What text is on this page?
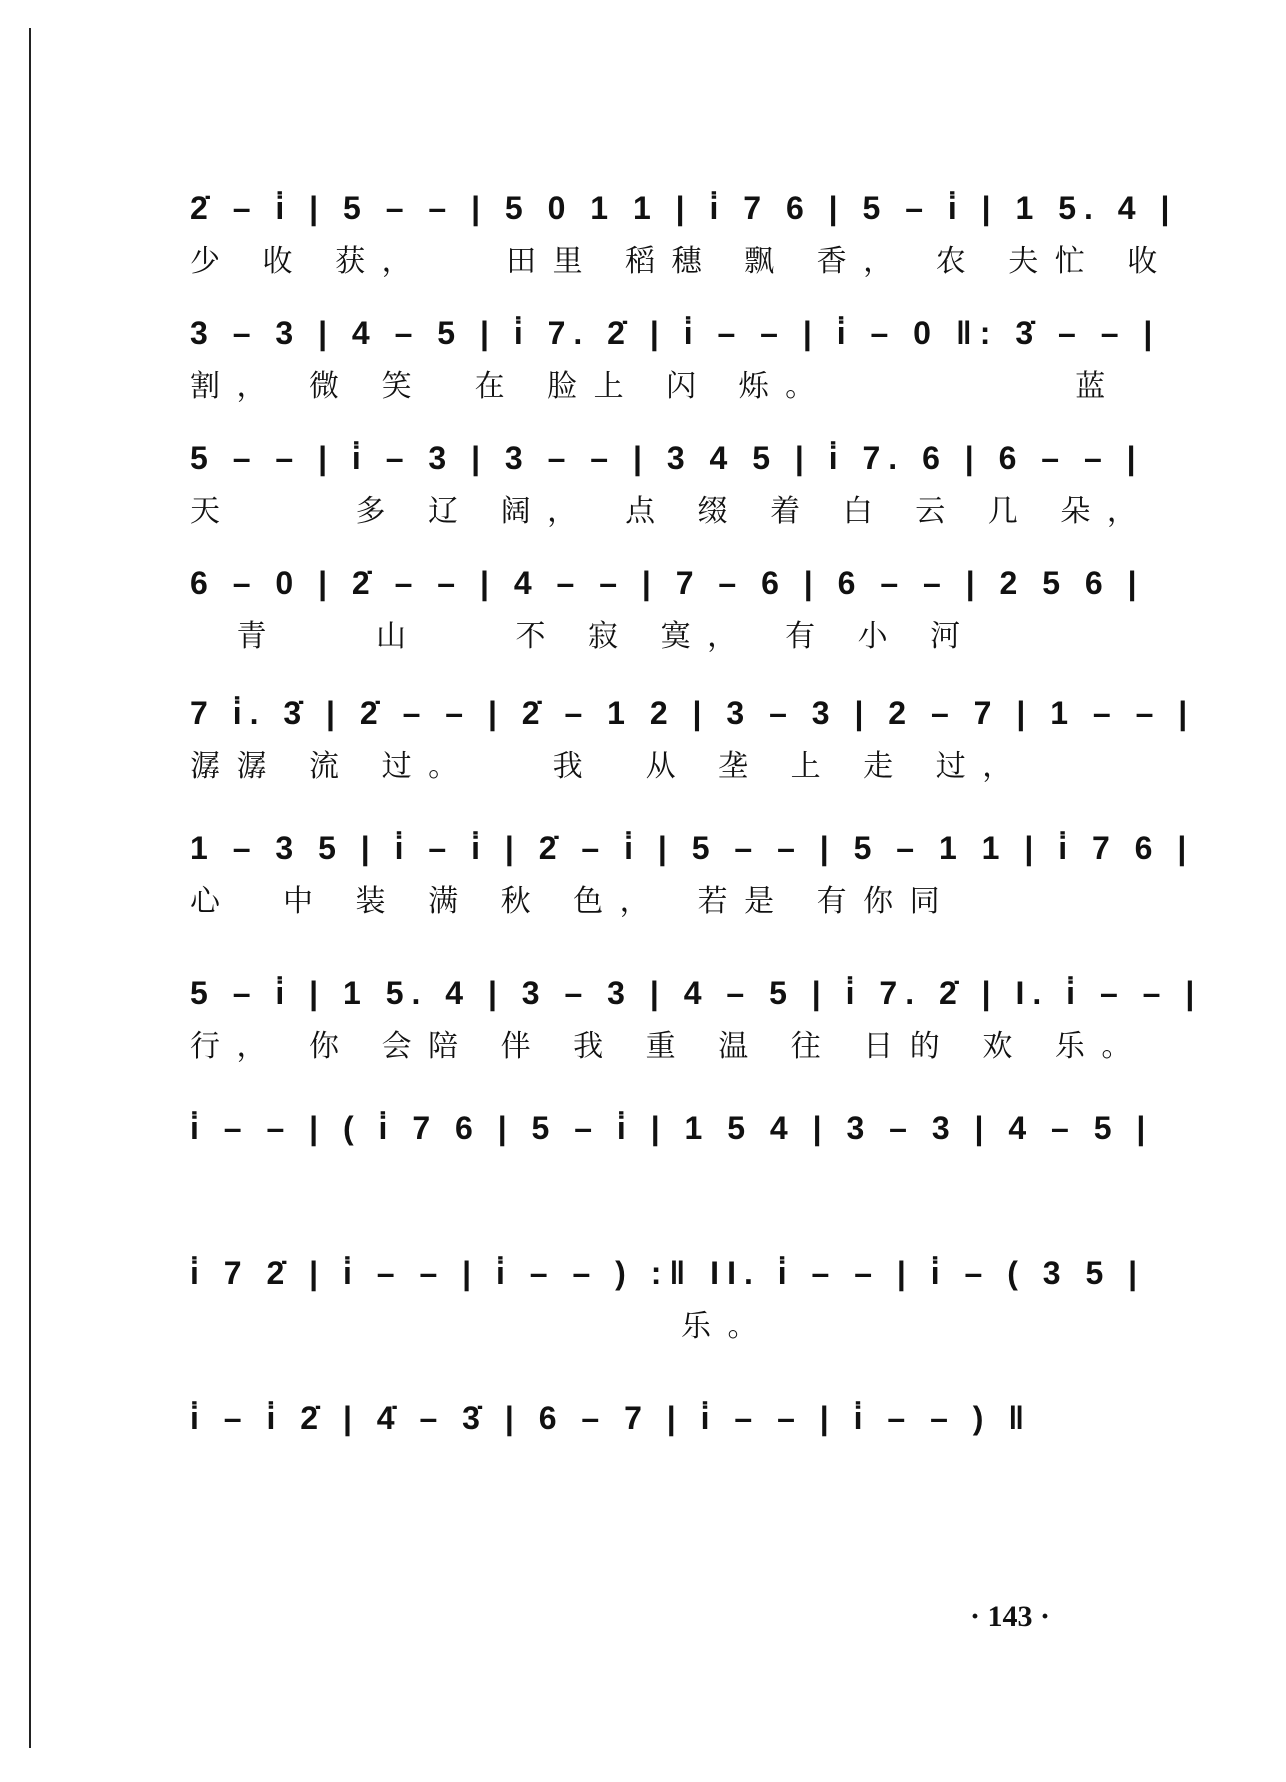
2̇ – i̇ | 5 – – | 5 0 1 1 | i̇ 7 6 | 5 – i̇ | 1 5. 4 |
少 收 获，　　田里 稻穗 飘 香， 农 夫忙 收
3 – 3 | 4 – 5 | i̇ 7. 2̇ | i̇ – – | i̇ – 0 ‖: 3̇ – – |
割， 微 笑　在 脸上 闪 烁。　　　　　 蓝
5 – – | i̇ – 3 | 3 – – | 3 4 5 | i̇ 7. 6 | 6 – – |
天　　 多 辽 阔，　点 缀 着 白 云 几 朵，
6 – 0 | 2̇ – – | 4 – – | 7 – 6 | 6 – – | 2 5 6 |
　青　　山　　不 寂 寞，　有 小 河
7 i̇. 3̇ | 2̇ – – | 2̇ – 1 2 | 3 – 3 | 2 – 7 | 1 – – |
潺潺 流 过。　　我　从 垄 上 走 过，
1 – 3 5 | i̇ – i̇ | 2̇ – i̇ | 5 – – | 5 – 1 1 | i̇ 7 6 |
心　中 装 满 秋 色，　若是 有你同
5 – i̇ | 1 5. 4 | 3 – 3 | 4 – 5 | i̇ 7. 2̇ | I. i̇ – – |
行， 你 会陪 伴 我 重 温 往 日的 欢 乐。
i̇ – – | ( i̇ 7 6 | 5 – i̇ | 1 5 4 | 3 – 3 | 4 – 5 |
i̇ 7 2̇ | i̇ – – | i̇ – – ) :‖ II. i̇ – – | i̇ – ( 3 5 |
　　　　　　　　　　 乐。
i̇ – i̇ 2̇ | 4̇ – 3̇ | 6 – 7 | i̇ – – | i̇ – – ) ‖
· 143 ·
